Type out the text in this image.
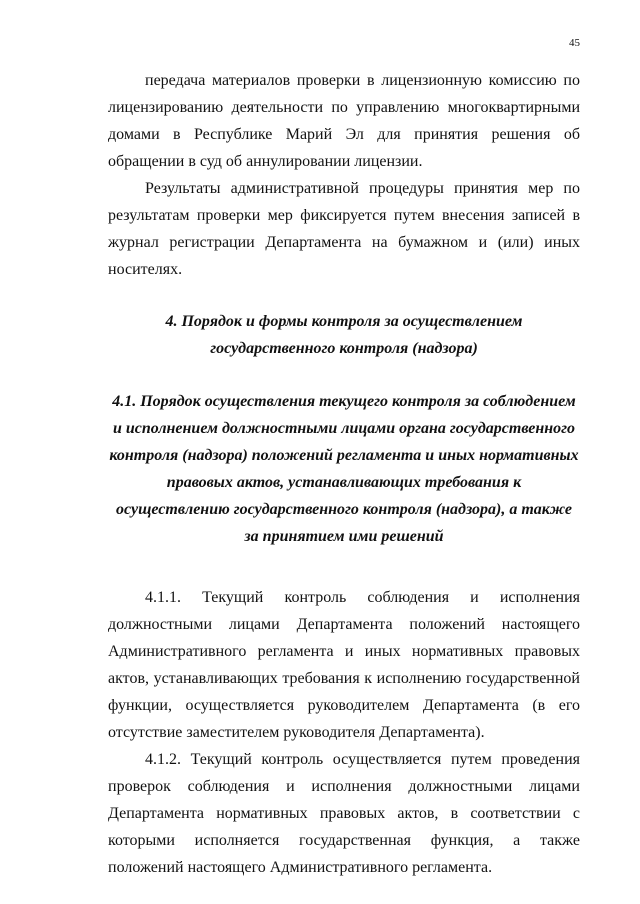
45

передача материалов проверки в лицензионную комиссию по лицензированию деятельности по управлению многоквартирными домами в Республике Марий Эл для принятия решения об обращении в суд об аннулировании лицензии.

Результаты административной процедуры принятия мер по результатам проверки мер фиксируется путем внесения записей в журнал регистрации Департамента на бумажном и (или) иных носителях.

4. Порядок и формы контроля за осуществлением государственного контроля (надзора)

4.1. Порядок осуществления текущего контроля за соблюдением и исполнением должностными лицами органа государственного контроля (надзора) положений регламента и иных нормативных правовых актов, устанавливающих требования к осуществлению государственного контроля (надзора), а также за принятием ими решений

4.1.1. Текущий контроль соблюдения и исполнения должностными лицами Департамента положений настоящего Административного регламента и иных нормативных правовых актов, устанавливающих требования к исполнению государственной функции, осуществляется руководителем Департамента (в его отсутствие заместителем руководителя Департамента).

4.1.2. Текущий контроль осуществляется путем проведения проверок соблюдения и исполнения должностными лицами Департамента нормативных правовых актов, в соответствии с которыми исполняется государственная функция, а также положений настоящего Административного регламента.
